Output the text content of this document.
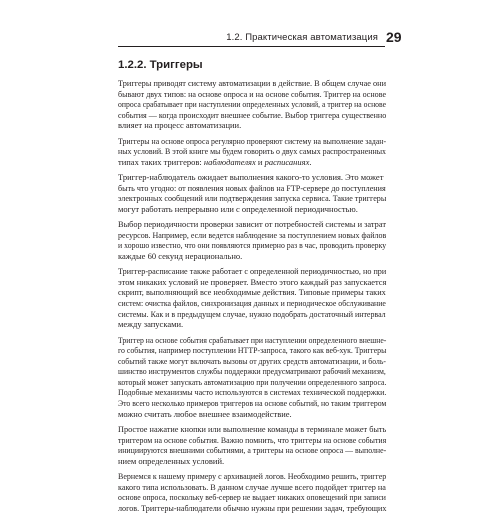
1.2. Практическая автоматизация 29
1.2.2. Триггеры

Триггеры приводят систему автоматизации в действие. В общем случае они
бывают двух типов: на основе опроса и на основе события. Триггер на основе
опроса срабатывает при наступлении определенных условий, а триггер на основе
события — когда происходит внешнее событие. Выбор триггера существенно
влияет на процесс автоматизации.

Триггеры на основе опроса регулярно проверяют систему на выполнение задан-
ных условий. В этой книге мы будем говорить о двух самых распространенных
типах таких триггеров: наблюдателях и расписаниях.

Триггер-наблюдатель ожидает выполнения какого-то условия. Это может
быть что угодно: от появления новых файлов на FTP-сервере до поступления
электронных сообщений или подтверждения запуска сервиса. Такие триггеры
могут работать непрерывно или с определенной периодичностью.

Выбор периодичности проверки зависит от потребностей системы и затрат
ресурсов. Например, если ведется наблюдение за поступлением новых файлов
и хорошо известно, что они появляются примерно раз в час, проводить проверку
каждые 60 секунд нерационально.

Триггер-расписание также работает с определенной периодичностью, но при
этом никаких условий не проверяет. Вместо этого каждый раз запускается
скрипт, выполняющий все необходимые действия. Типовые примеры таких
систем: очистка файлов, синхронизация данных и периодическое обслуживание
системы. Как и в предыдущем случае, нужно подобрать достаточный интервал
между запусками.

Триггер на основе события срабатывает при наступлении определенного внешне-
го события, например поступлении HTTP-запроса, такого как веб-хук. Триггеры
событий также могут включать вызовы от других средств автоматизации, и боль-
шинство инструментов службы поддержки предусматривают рабочий механизм,
который может запускать автоматизацию при получении определенного запроса.
Подобные механизмы часто используются в системах технической поддержки.
Это всего несколько примеров триггеров на основе событий, но таким триггером
можно считать любое внешнее взаимодействие.

Простое нажатие кнопки или выполнение команды в терминале может быть
триггером на основе события. Важно помнить, что триггеры на основе события
инициируются внешними событиями, а триггеры на основе опроса — выполне-
нием определенных условий.

Вернемся к нашему примеру с архивацией логов. Необходимо решить, триггер
какого типа использовать. В данном случае лучше всего подойдет триггер на
основе опроса, поскольку веб-сервер не выдает никаких оповещений при записи
логов. Триггеры-наблюдатели обычно нужны при решении задач, требующих
